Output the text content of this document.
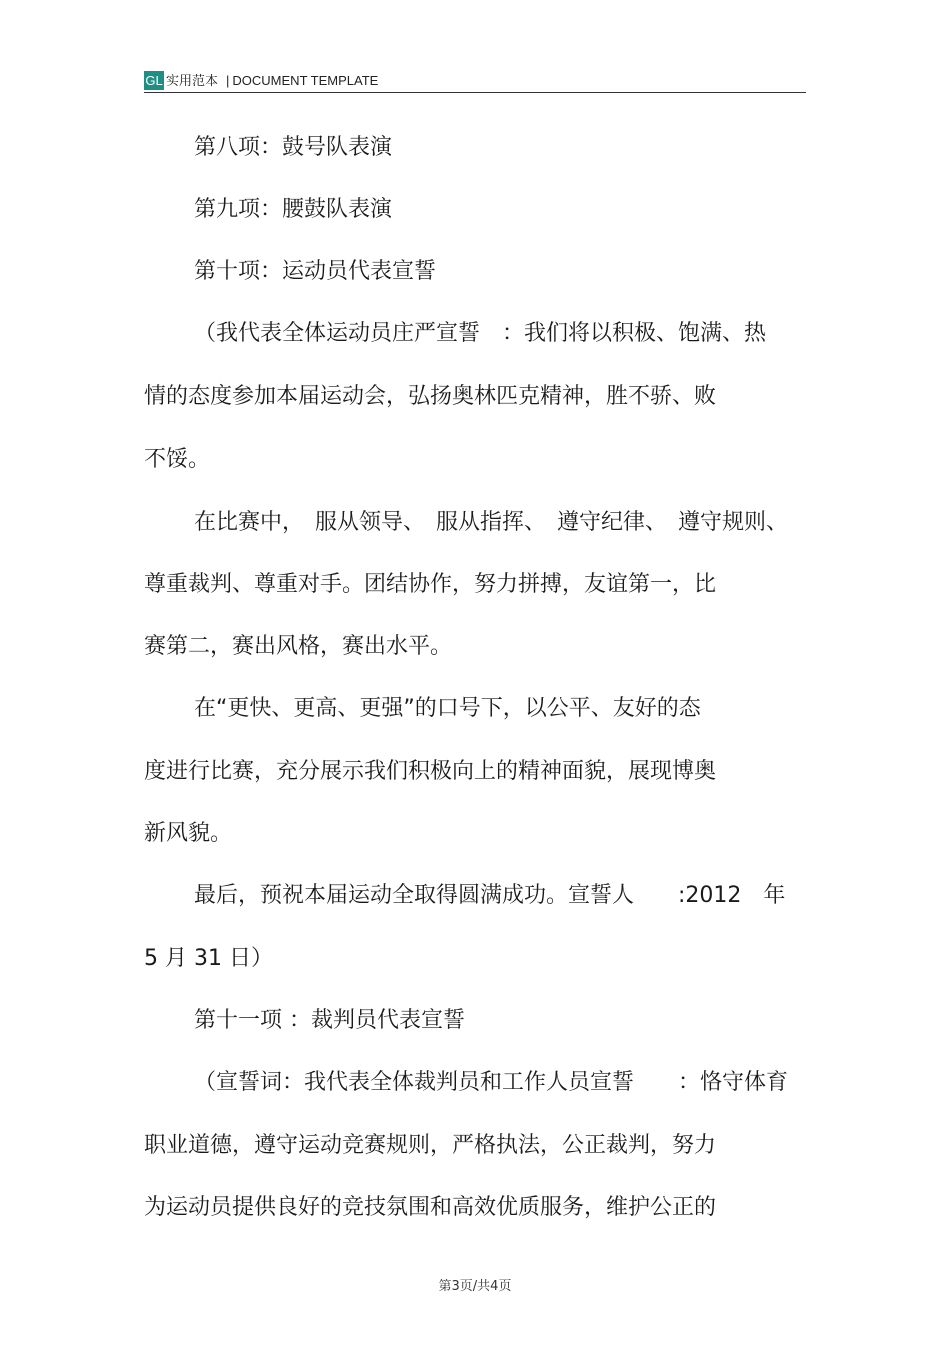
GL 实用范本 | DOCUMENT TEMPLATE
第八项：鼓号队表演
第九项：腰鼓队表演
第十项：运动员代表宣誓
（我代表全体运动员庄严宣誓　：我们将以积极、饱满、热
情的态度参加本届运动会，弘扬奥林匹克精神，胜不骄、败
不馁。
在比赛中，　服从领导、　服从指挥、　遵守纪律、　遵守规则、
尊重裁判、尊重对手。团结协作，努力拼搏，友谊第一，比
赛第二，赛出风格，赛出水平。
在“更快、更高、更强”的口号下，以公平、友好的态
度进行比赛，充分展示我们积极向上的精神面貌，展现博奥
新风貌。
最后，预祝本届运动全取得圆满成功。宣誓人　　:2012　年
5 月 31 日）
第十一项 ：裁判员代表宣誓
（宣誓词：我代表全体裁判员和工作人员宣誓　　：恪守体育
职业道德，遵守运动竞赛规则，严格执法，公正裁判，努力
为运动员提供良好的竞技氛围和高效优质服务，维护公正的
第3页/共4页
